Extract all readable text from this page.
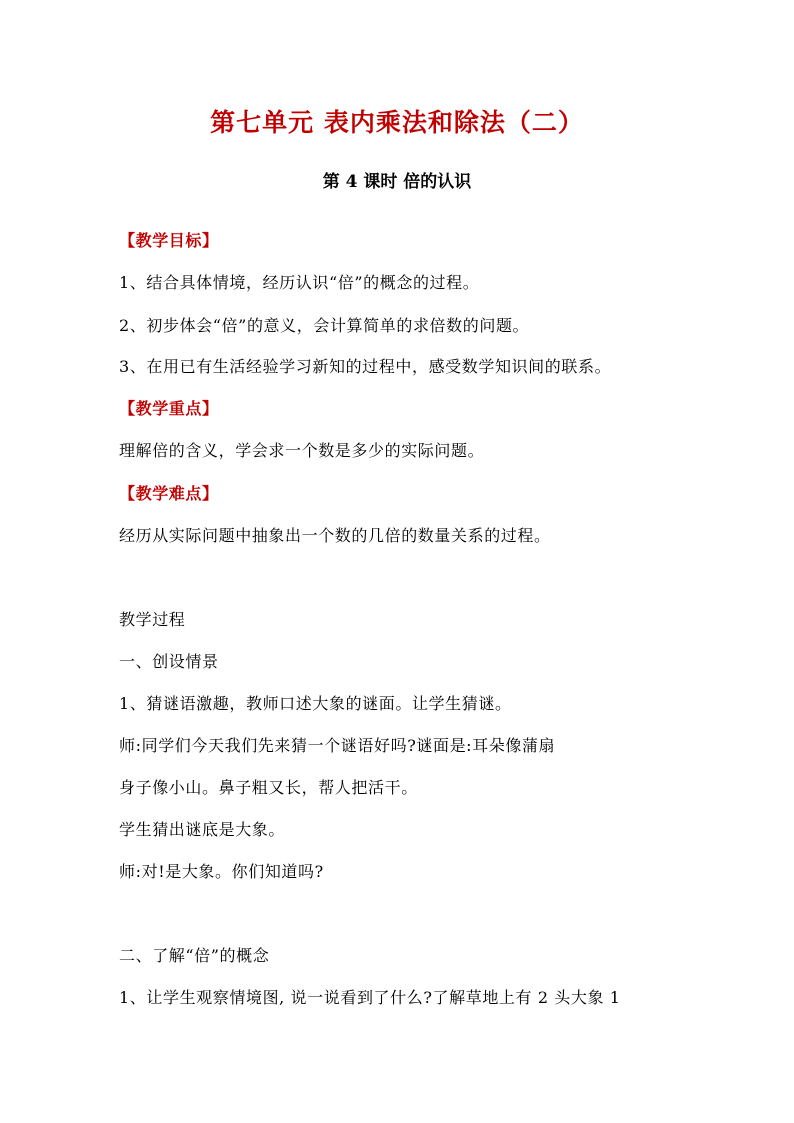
第七单元 表内乘法和除法（二）
第 4 课时 倍的认识
【教学目标】
1、结合具体情境，经历认识“倍”的概念的过程。
2、初步体会“倍”的意义，会计算简单的求倍数的问题。
3、在用已有生活经验学习新知的过程中，感受数学知识间的联系。
【教学重点】
理解倍的含义，学会求一个数是多少的实际问题。
【教学难点】
经历从实际问题中抽象出一个数的几倍的数量关系的过程。
教学过程
一、创设情景
1、猜谜语激趣，教师口述大象的谜面。让学生猜谜。
师:同学们今天我们先来猜一个谜语好吗?谜面是:耳朵像蒲扇
身子像小山。鼻子粗又长，帮人把活干。
学生猜出谜底是大象。
师:对!是大象。你们知道吗?
二、了解“倍”的概念
1、让学生观察情境图, 说一说看到了什么?了解草地上有 2 头大象 1
